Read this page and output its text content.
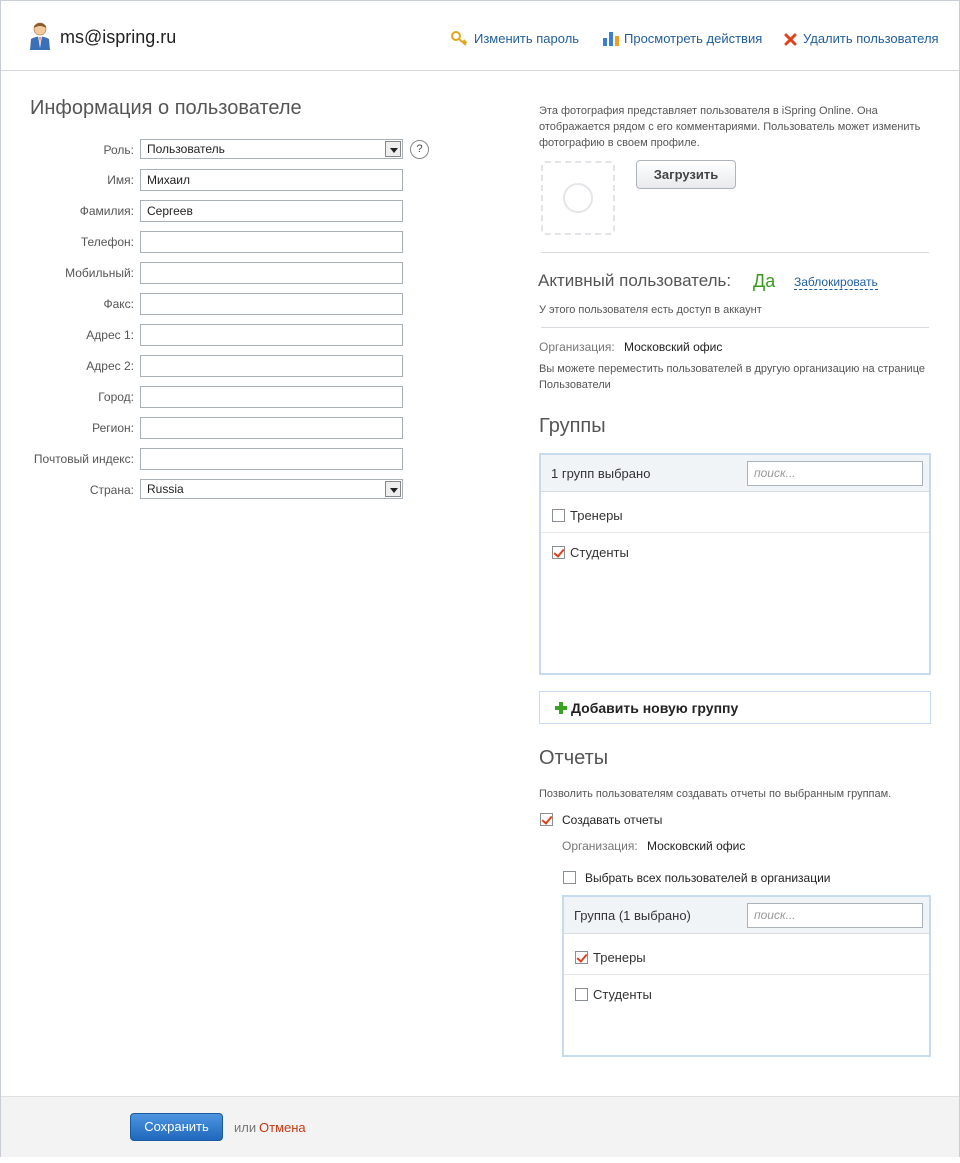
ms@ispring.ru	Изменить пароль	Просмотреть действия	Удалить пользователя
Информация о пользователе
Роль:	Пользователь
Имя:	Михаил
Фамилия:	Сергеев
Телефон:
Мобильный:
Факс:
Адрес 1:
Адрес 2:
Город:
Регион:
Почтовый индекс:
Страна:	Russia
?
Эта фотография представляет пользователя в iSpring Online. Она отображается рядом с его комментариями. Пользователь может изменить фотографию в своем профиле.
Загрузить
Активный пользователь: Да Заблокировать
У этого пользователя есть доступ в аккаунт
Организация: Московский офис
Вы можете переместить пользователей в другую организацию на странице Пользователи
Группы
1 групп выбрано	поиск...
Тренеры
Студенты
Добавить новую группу
Отчеты
Позволить пользователям создавать отчеты по выбранным группам.
Создавать отчеты
Организация: Московский офис
Выбрать всех пользователей в организации
Группа (1 выбрано)	поиск...
Тренеры
Студенты
Сохранить	или Отмена
